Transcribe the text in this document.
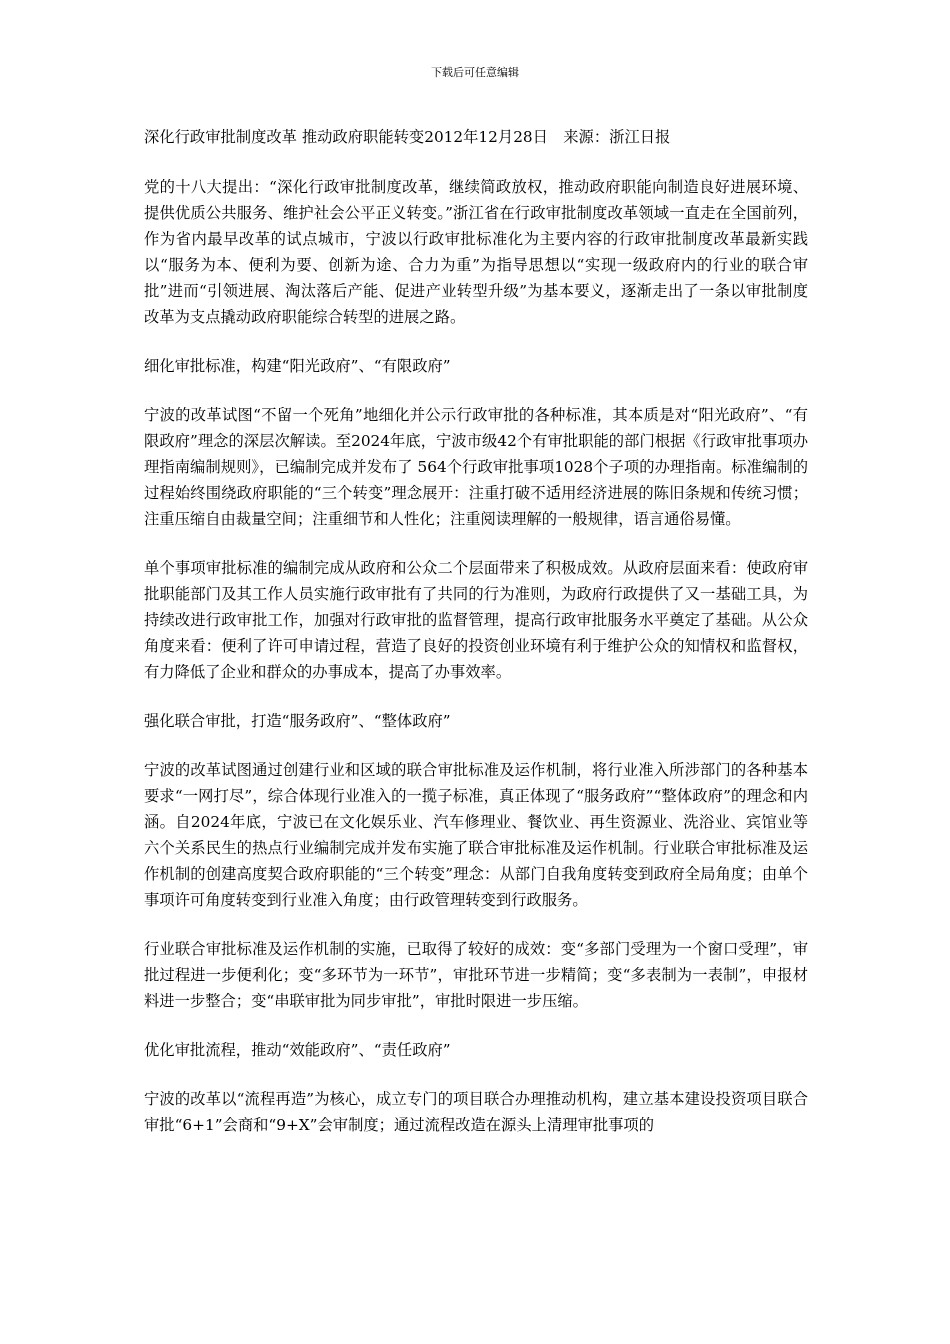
下载后可任意编辑

深化行政审批制度改革 推动政府职能转变2012年12月28日　来源：浙江日报

党的十八大提出：“深化行政审批制度改革，继续简政放权，推动政府职能向制造良好进展环境、提供优质公共服务、维护社会公平正义转变。”浙江省在行政审批制度改革领域一直走在全国前列，作为省内最早改革的试点城市，宁波以行政审批标准化为主要内容的行政审批制度改革最新实践以“服务为本、便利为要、创新为途、合力为重”为指导思想以“实现一级政府内的行业的联合审批”进而“引领进展、淘汰落后产能、促进产业转型升级”为基本要义，逐渐走出了一条以审批制度改革为支点撬动政府职能综合转型的进展之路。

细化审批标准，构建“阳光政府”、“有限政府”

宁波的改革试图“不留一个死角”地细化并公示行政审批的各种标准，其本质是对“阳光政府”、“有限政府”理念的深层次解读。至2024年底，宁波市级42个有审批职能的部门根据《行政审批事项办理指南编制规则》，已编制完成并发布了 564个行政审批事项1028个子项的办理指南。标准编制的过程始终围绕政府职能的“三个转变”理念展开：注重打破不适用经济进展的陈旧条规和传统习惯；注重压缩自由裁量空间；注重细节和人性化；注重阅读理解的一般规律，语言通俗易懂。

单个事项审批标准的编制完成从政府和公众二个层面带来了积极成效。从政府层面来看：使政府审批职能部门及其工作人员实施行政审批有了共同的行为准则，为政府行政提供了又一基础工具，为持续改进行政审批工作，加强对行政审批的监督管理，提高行政审批服务水平奠定了基础。从公众角度来看：便利了许可申请过程，营造了良好的投资创业环境有利于维护公众的知情权和监督权，有力降低了企业和群众的办事成本，提高了办事效率。

强化联合审批，打造“服务政府”、“整体政府”

宁波的改革试图通过创建行业和区域的联合审批标准及运作机制，将行业准入所涉部门的各种基本要求“一网打尽”，综合体现行业准入的一揽子标准，真正体现了“服务政府”“整体政府”的理念和内涵。自2024年底，宁波已在文化娱乐业、汽车修理业、餐饮业、再生资源业、洗浴业、宾馆业等六个关系民生的热点行业编制完成并发布实施了联合审批标准及运作机制。行业联合审批标准及运作机制的创建高度契合政府职能的“三个转变”理念：从部门自我角度转变到政府全局角度；由单个事项许可角度转变到行业准入角度；由行政管理转变到行政服务。

行业联合审批标准及运作机制的实施，已取得了较好的成效：变“多部门受理为一个窗口受理”，审批过程进一步便利化；变“多环节为一环节”，审批环节进一步精简；变“多表制为一表制”，申报材料进一步整合；变“串联审批为同步审批”，审批时限进一步压缩。

优化审批流程，推动“效能政府”、“责任政府”

宁波的改革以“流程再造”为核心，成立专门的项目联合办理推动机构，建立基本建设投资项目联合审批“6+1”会商和“9+X”会审制度；通过流程改造在源头上清理审批事项的
